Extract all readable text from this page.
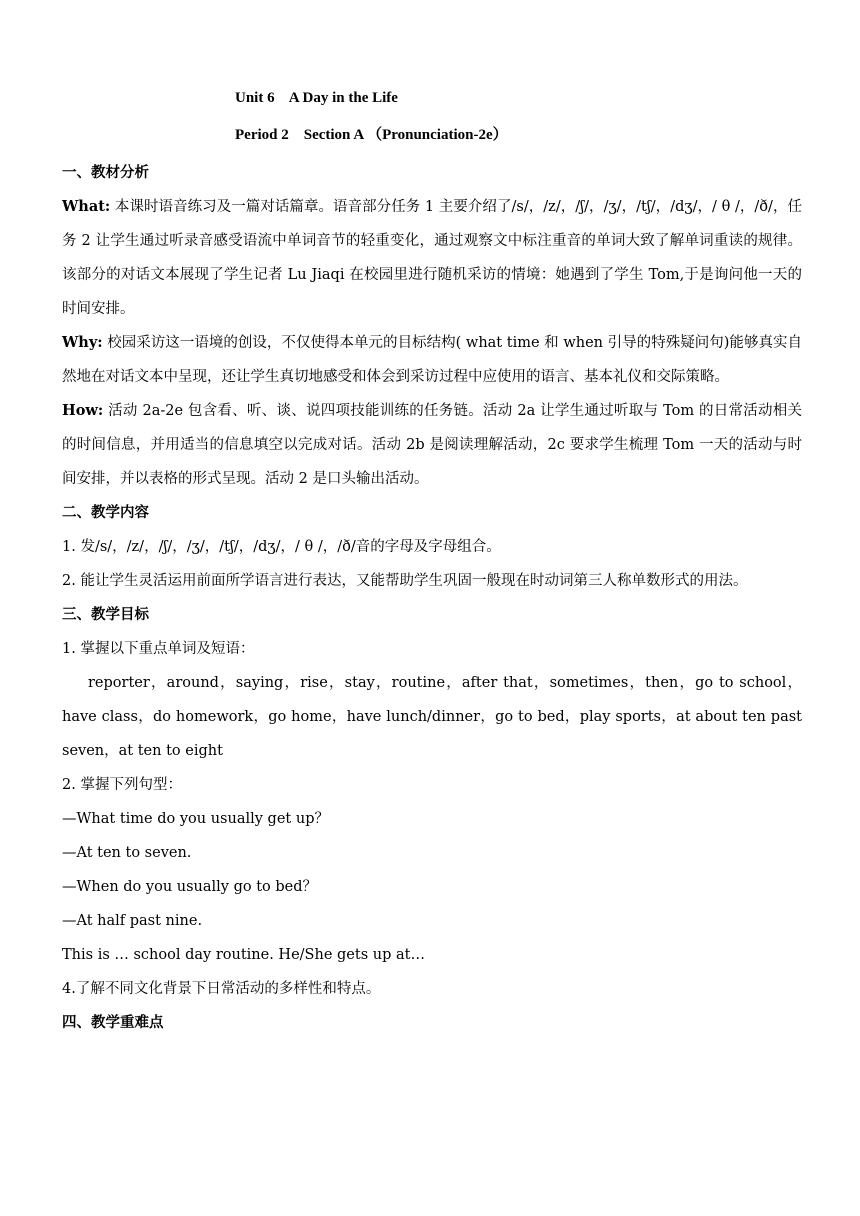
Unit 6    A Day in the Life
Period 2    Section A （Pronunciation-2e）
一、教材分析

What: 本课时语音练习及一篇对话篇章。语音部分任务 1 主要介绍了/s/，/z/，/ʃ/，/ʒ/，/tʃ/，/dʒ/，/ θ /，/ð/，任务 2 让学生通过听录音感受语流中单词音节的轻重变化，通过观察文中标注重音的单词大致了解单词重读的规律。该部分的对话文本展现了学生记者 Lu Jiaqi 在校园里进行随机采访的情境：她遇到了学生 Tom,于是询问他一天的时间安排。

Why: 校园采访这一语境的创设，不仅使得本单元的目标结构( what time 和 when 引导的特殊疑问句)能够真实自然地在对话文本中呈现，还让学生真切地感受和体会到采访过程中应使用的语言、基本礼仪和交际策略。

How: 活动 2a-2e 包含看、听、谈、说四项技能训练的任务链。活动 2a 让学生通过听取与 Tom 的日常活动相关的时间信息，并用适当的信息填空以完成对话。活动 2b 是阅读理解活动，2c 要求学生梳理 Tom 一天的活动与时间安排，并以表格的形式呈现。活动 2 是口头输出活动。

二、教学内容

1. 发/s/，/z/，/ʃ/，/ʒ/，/tʃ/，/dʒ/，/ θ /，/ð/音的字母及字母组合。

2. 能让学生灵活运用前面所学语言进行表达，又能帮助学生巩固一般现在时动词第三人称单数形式的用法。

三、教学目标

1. 掌握以下重点单词及短语：

reporter，around，saying，rise，stay，routine，after that，sometimes，then，go to school，have class，do homework，go home，have lunch/dinner，go to bed，play sports，at about ten past seven，at ten to eight

2. 掌握下列句型：

—What time do you usually get up？

—At ten to seven.

—When do you usually go to bed？

—At half past nine.

This is … school day routine. He/She gets up at…

4.了解不同文化背景下日常活动的多样性和特点。

四、教学重难点
